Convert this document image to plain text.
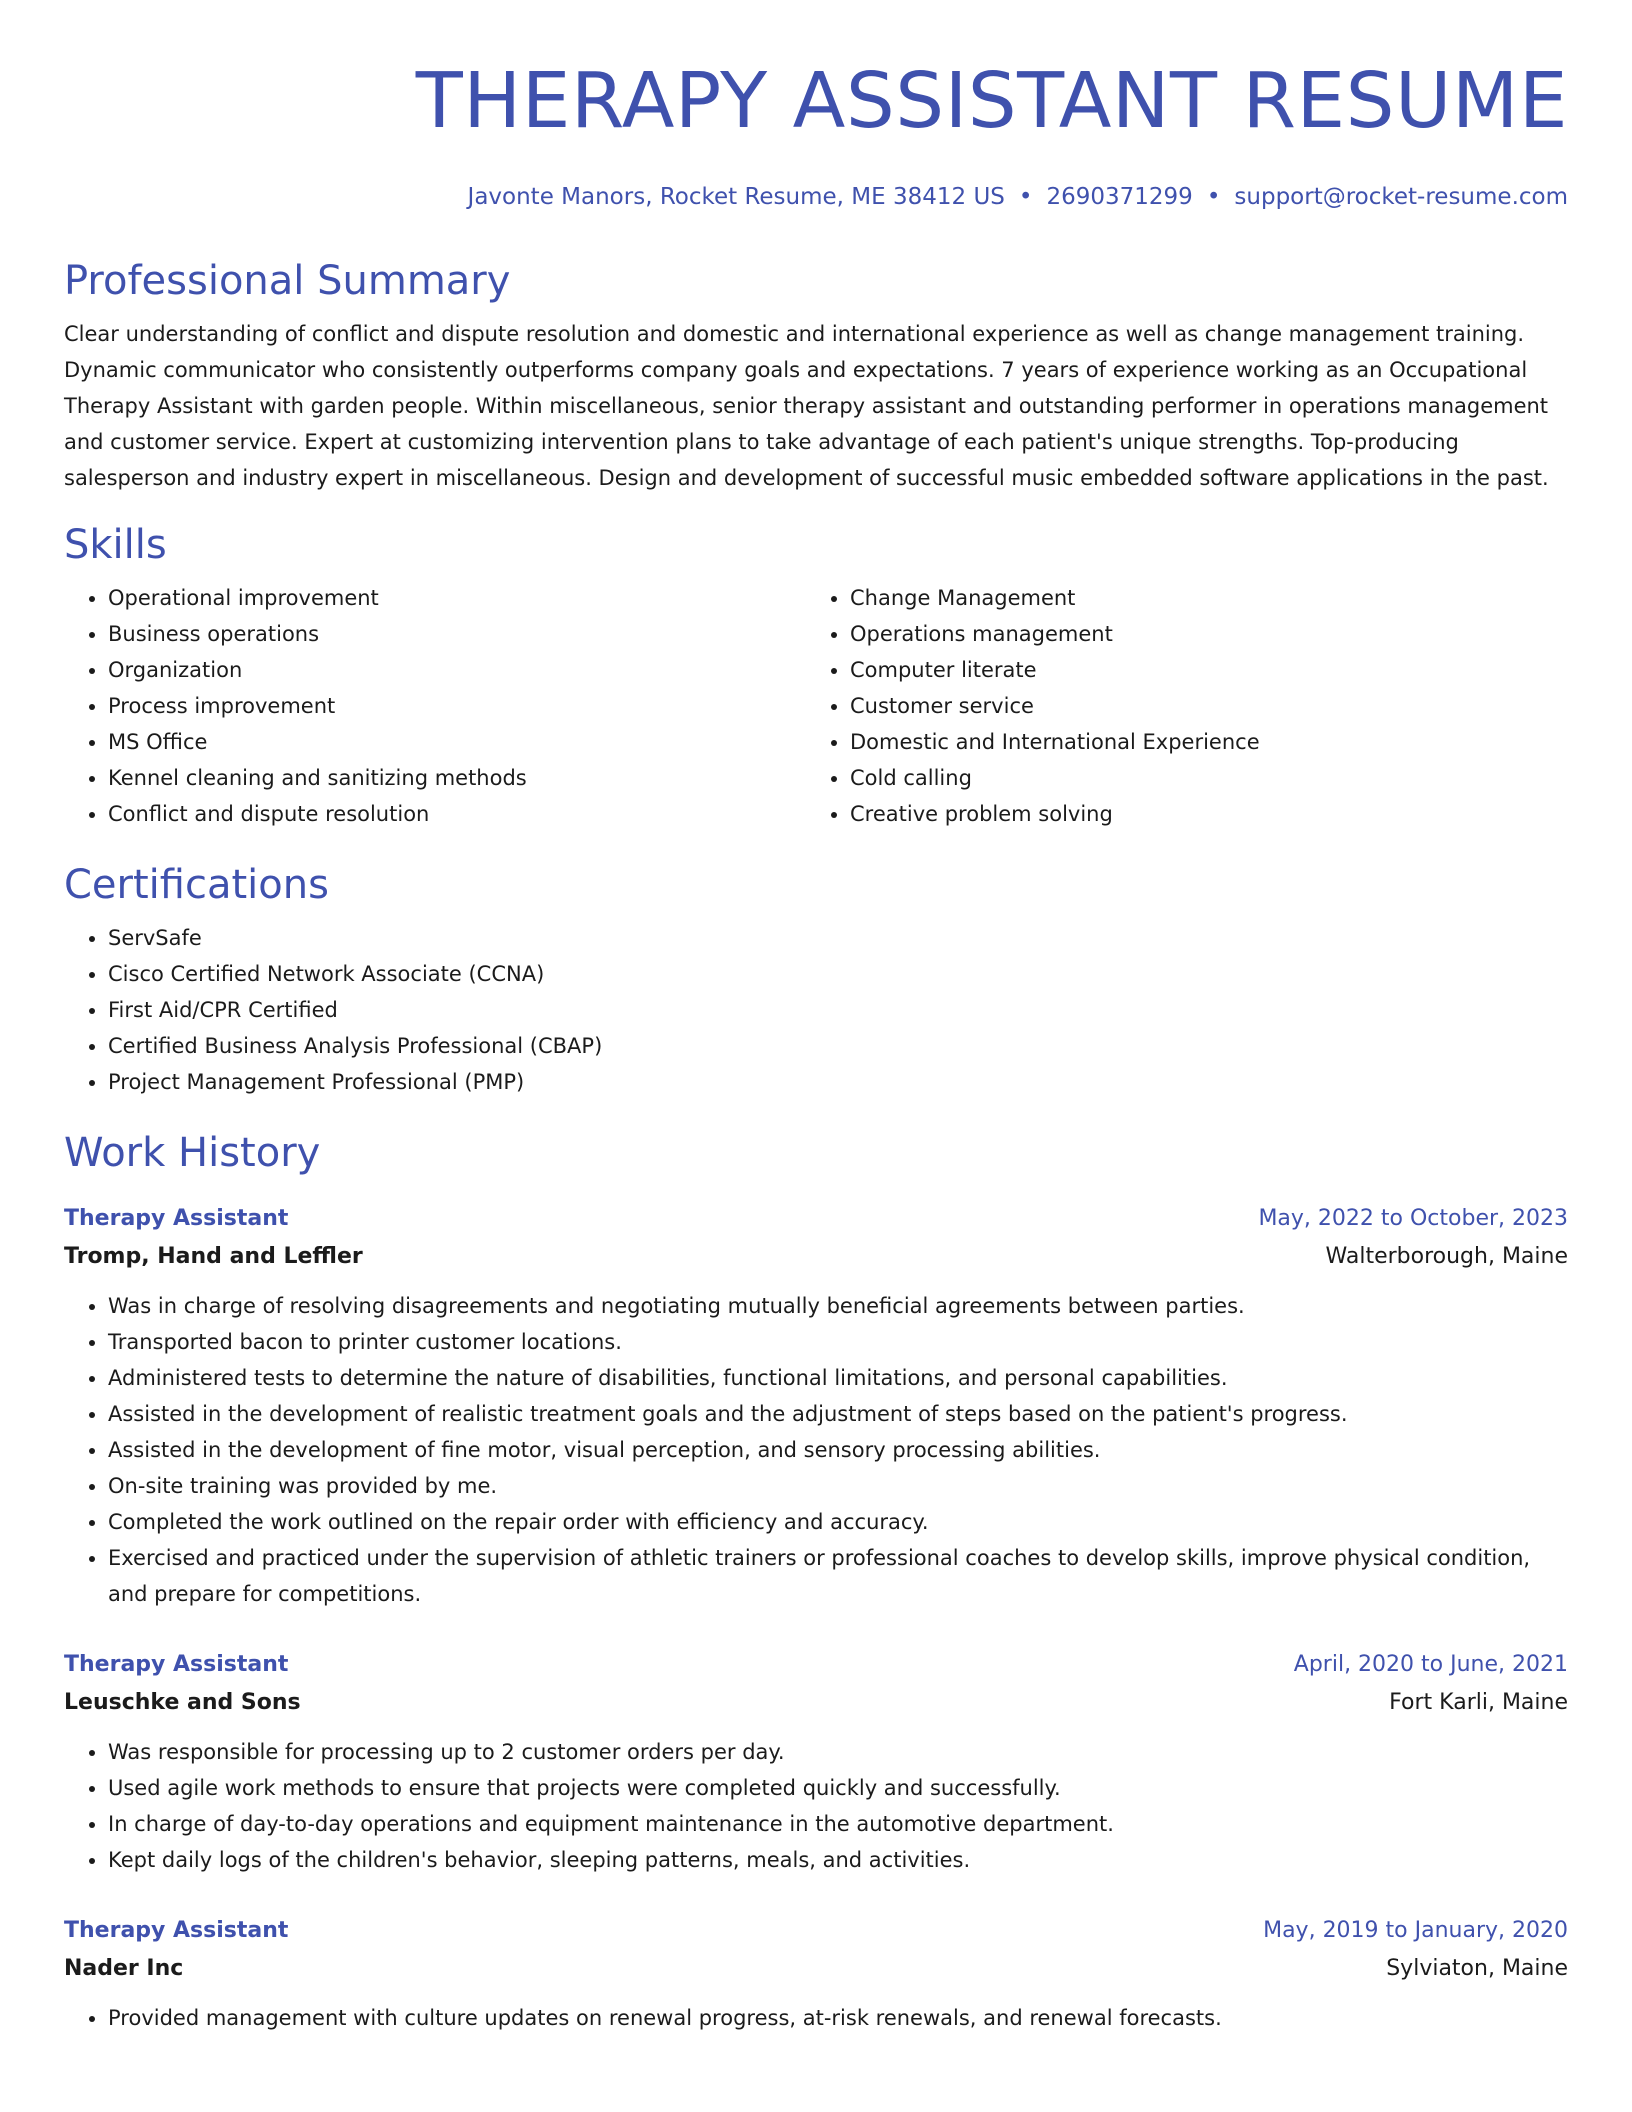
THERAPY ASSISTANT RESUME
Javonte Manors, Rocket Resume, ME 38412 US • 2690371299 • support@rocket-resume.com
Professional Summary

Clear understanding of conflict and dispute resolution and domestic and international experience as well as change management training. Dynamic communicator who consistently outperforms company goals and expectations. 7 years of experience working as an Occupational Therapy Assistant with garden people. Within miscellaneous, senior therapy assistant and outstanding performer in operations management and customer service. Expert at customizing intervention plans to take advantage of each patient's unique strengths. Top-producing salesperson and industry expert in miscellaneous. Design and development of successful music embedded software applications in the past.

Skills
• Operational improvement
• Business operations
• Organization
• Process improvement
• MS Office
• Kennel cleaning and sanitizing methods
• Conflict and dispute resolution
• Change Management
• Operations management
• Computer literate
• Customer service
• Domestic and International Experience
• Cold calling
• Creative problem solving
Certifications
• ServSafe
• Cisco Certified Network Associate (CCNA)
• First Aid/CPR Certified
• Certified Business Analysis Professional (CBAP)
• Project Management Professional (PMP)
Work History
Therapy Assistant	May, 2022 to October, 2023
Tromp, Hand and Leffler	Walterborough, Maine
• Was in charge of resolving disagreements and negotiating mutually beneficial agreements between parties.
• Transported bacon to printer customer locations.
• Administered tests to determine the nature of disabilities, functional limitations, and personal capabilities.
• Assisted in the development of realistic treatment goals and the adjustment of steps based on the patient's progress.
• Assisted in the development of fine motor, visual perception, and sensory processing abilities.
• On-site training was provided by me.
• Completed the work outlined on the repair order with efficiency and accuracy.
• Exercised and practiced under the supervision of athletic trainers or professional coaches to develop skills, improve physical condition, and prepare for competitions.
Therapy Assistant	April, 2020 to June, 2021
Leuschke and Sons	Fort Karli, Maine
• Was responsible for processing up to 2 customer orders per day.
• Used agile work methods to ensure that projects were completed quickly and successfully.
• In charge of day-to-day operations and equipment maintenance in the automotive department.
• Kept daily logs of the children's behavior, sleeping patterns, meals, and activities.
Therapy Assistant	May, 2019 to January, 2020
Nader Inc	Sylviaton, Maine
• Provided management with culture updates on renewal progress, at-risk renewals, and renewal forecasts.
